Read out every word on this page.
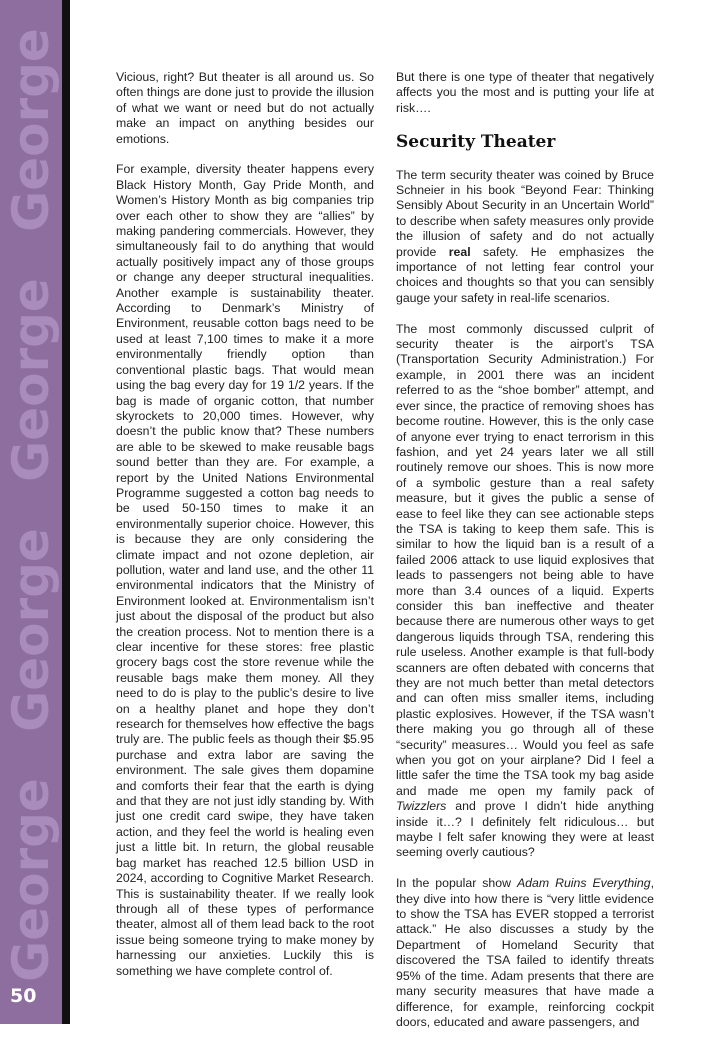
George
George
George
George
50

Vicious, right? But theater is all around us. So often things are done just to provide the illusion of what we want or need but do not actually make an impact on anything besides our emotions.

For example, diversity theater happens every Black History Month, Gay Pride Month, and Women’s History Month as big companies trip over each other to show they are “allies” by making pandering commercials. However, they simultaneously fail to do anything that would actually positively impact any of those groups or change any deeper structural inequalities. Another example is sustainability theater. According to Denmark’s Ministry of Environment, reusable cotton bags need to be used at least 7,100 times to make it a more environmentally friendly option than conventional plastic bags. That would mean using the bag every day for 19 1/2 years. If the bag is made of organic cotton, that number skyrockets to 20,000 times. However, why doesn’t the public know that? These numbers are able to be skewed to make reusable bags sound better than they are. For example, a report by the United Nations Environmental Programme suggested a cotton bag needs to be used 50-150 times to make it an environmentally superior choice. However, this is because they are only considering the climate impact and not ozone depletion, air pollution, water and land use, and the other 11 environmental indicators that the Ministry of Environment looked at. Environmentalism isn’t just about the disposal of the product but also the creation process. Not to mention there is a clear incentive for these stores: free plastic grocery bags cost the store revenue while the reusable bags make them money. All they need to do is play to the public’s desire to live on a healthy planet and hope they don’t research for themselves how effective the bags truly are. The public feels as though their $5.95 purchase and extra labor are saving the environment. The sale gives them dopamine and comforts their fear that the earth is dying and that they are not just idly standing by. With just one credit card swipe, they have taken action, and they feel the world is healing even just a little bit. In return, the global reusable bag market has reached 12.5 billion USD in 2024, according to Cognitive Market Research. This is sustainability theater. If we really look through all of these types of performance theater, almost all of them lead back to the root issue being someone trying to make money by harnessing our anxieties. Luckily this is something we have complete control of.

But there is one type of theater that negatively affects you the most and is putting your life at risk….

Security Theater

The term security theater was coined by Bruce Schneier in his book “Beyond Fear: Thinking Sensibly About Security in an Uncertain World” to describe when safety measures only provide the illusion of safety and do not actually provide real safety. He emphasizes the importance of not letting fear control your choices and thoughts so that you can sensibly gauge your safety in real-life scenarios.

The most commonly discussed culprit of security theater is the airport’s TSA (Transportation Security Administration.) For example, in 2001 there was an incident referred to as the “shoe bomber” attempt, and ever since, the practice of removing shoes has become routine. However, this is the only case of anyone ever trying to enact terrorism in this fashion, and yet 24 years later we all still routinely remove our shoes. This is now more of a symbolic gesture than a real safety measure, but it gives the public a sense of ease to feel like they can see actionable steps the TSA is taking to keep them safe. This is similar to how the liquid ban is a result of a failed 2006 attack to use liquid explosives that leads to passengers not being able to have more than 3.4 ounces of a liquid. Experts consider this ban ineffective and theater because there are numerous other ways to get dangerous liquids through TSA, rendering this rule useless. Another example is that full-body scanners are often debated with concerns that they are not much better than metal detectors and can often miss smaller items, including plastic explosives. However, if the TSA wasn’t there making you go through all of these “security” measures… Would you feel as safe when you got on your airplane? Did I feel a little safer the time the TSA took my bag aside and made me open my family pack of Twizzlers and prove I didn’t hide anything inside it…? I definitely felt ridiculous… but maybe I felt safer knowing they were at least seeming overly cautious?

In the popular show Adam Ruins Everything, they dive into how there is “very little evidence to show the TSA has EVER stopped a terrorist attack.” He also discusses a study by the Department of Homeland Security that discovered the TSA failed to identify threats 95% of the time. Adam presents that there are many security measures that have made a difference, for example, reinforcing cockpit doors, educated and aware passengers, and
